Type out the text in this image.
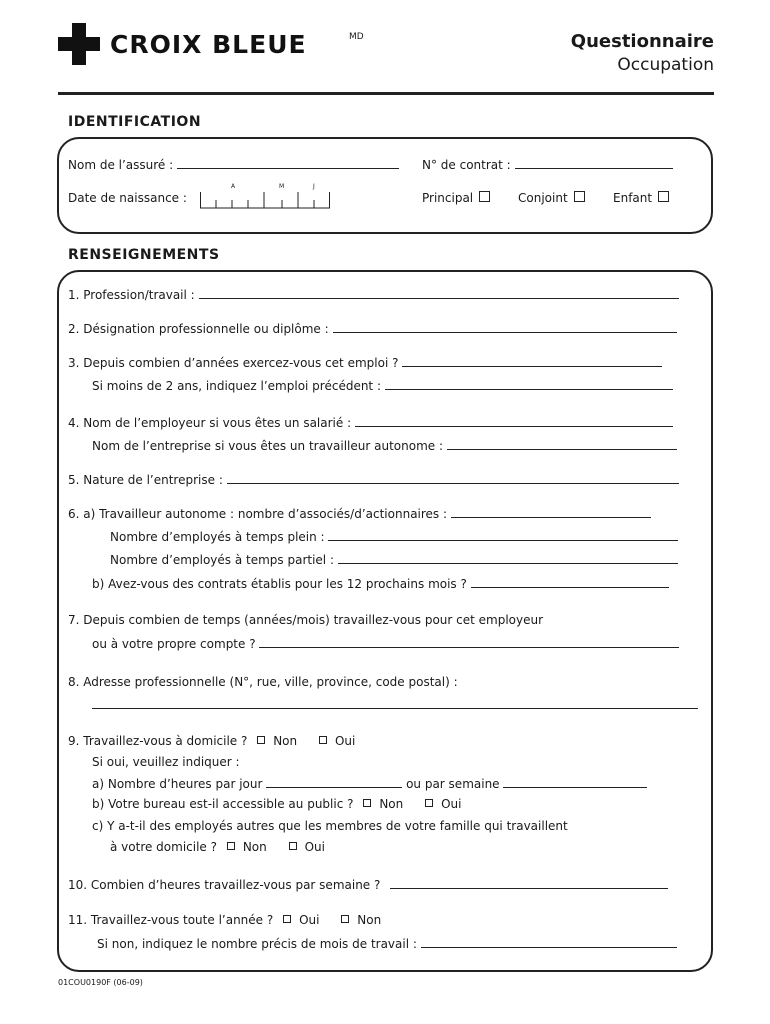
CROIX BLEUE	MD	Questionnaire
Occupation
IDENTIFICATION
Nom de l’assuré :	N° de contrat :
Date de naissance :
A	M	J
Principal	Conjoint	Enfant
RENSEIGNEMENTS
1. Profession/travail :
2. Désignation professionnelle ou diplôme :
3. Depuis combien d’années exercez-vous cet emploi ?
Si moins de 2 ans, indiquez l’emploi précédent :
4. Nom de l’employeur si vous êtes un salarié :
Nom de l’entreprise si vous êtes un travailleur autonome :
5. Nature de l’entreprise :
6. a) Travailleur autonome : nombre d’associés/d’actionnaires :
Nombre d’employés à temps plein :
Nombre d’employés à temps partiel :
b) Avez-vous des contrats établis pour les 12 prochains mois ?
7. Depuis combien de temps (années/mois) travaillez-vous pour cet employeur
ou à votre propre compte ?
8. Adresse professionnelle (N°, rue, ville, province, code postal) :
9. Travaillez-vous à domicile ? Non	Oui
Si oui, veuillez indiquer :
a) Nombre d’heures par jour	ou par semaine
b) Votre bureau est-il accessible au public ? Non	Oui
c) Y a-t-il des employés autres que les membres de votre famille qui travaillent
à votre domicile ? Non	Oui
10. Combien d’heures travaillez-vous par semaine ?
11. Travaillez-vous toute l’année ? Oui	Non
Si non, indiquez le nombre précis de mois de travail :
01COU0190F (06-09)
